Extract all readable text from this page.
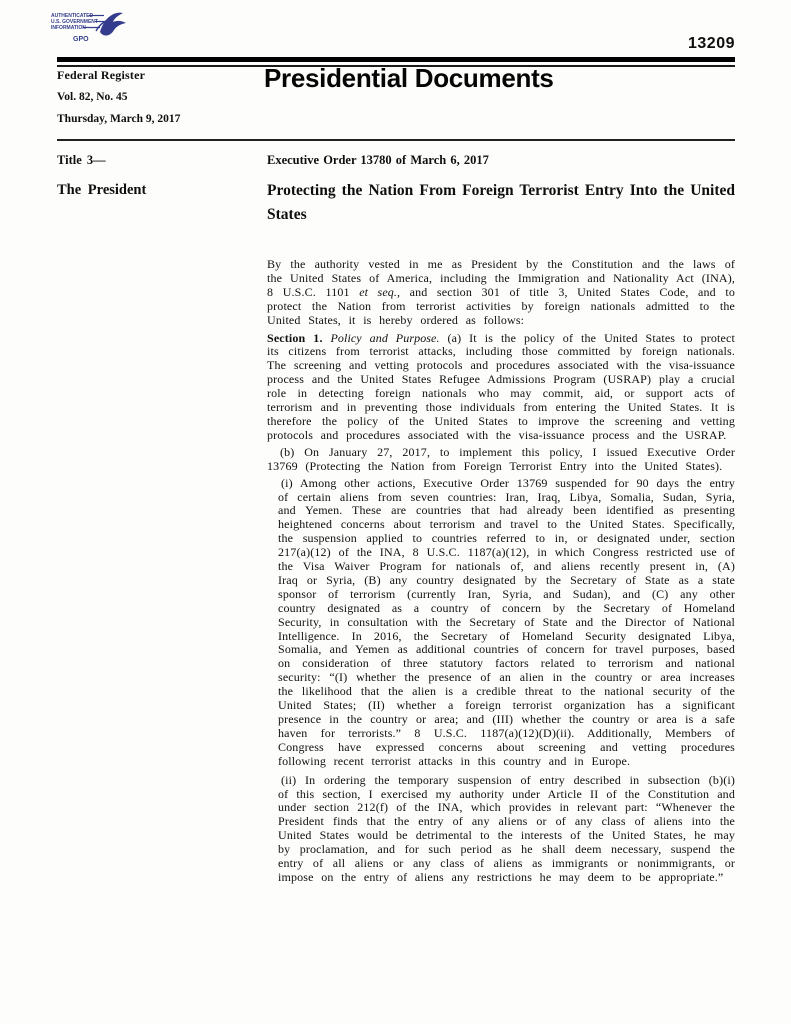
AUTHENTICATED
U.S. GOVERNMENT
INFORMATION
GPO	13209
Federal Register
Vol. 82, No. 45
Thursday, March 9, 2017
Presidential Documents
Title 3—
The President
Executive Order 13780 of March 6, 2017
Protecting the Nation From Foreign Terrorist Entry Into the United States

By the authority vested in me as President by the Constitution and the laws of the United States of America, including the Immigration and Nationality Act (INA), 8 U.S.C. 1101 et seq., and section 301 of title 3, United States Code, and to protect the Nation from terrorist activities by foreign nationals admitted to the United States, it is hereby ordered as follows:

Section 1. Policy and Purpose. (a) It is the policy of the United States to protect its citizens from terrorist attacks, including those committed by foreign nationals. The screening and vetting protocols and procedures associated with the visa-issuance process and the United States Refugee Admissions Program (USRAP) play a crucial role in detecting foreign nationals who may commit, aid, or support acts of terrorism and in preventing those individuals from entering the United States. It is therefore the policy of the United States to improve the screening and vetting protocols and procedures associated with the visa-issuance process and the USRAP.

(b) On January 27, 2017, to implement this policy, I issued Executive Order 13769 (Protecting the Nation from Foreign Terrorist Entry into the United States).

(i) Among other actions, Executive Order 13769 suspended for 90 days the entry of certain aliens from seven countries: Iran, Iraq, Libya, Somalia, Sudan, Syria, and Yemen. These are countries that had already been identified as presenting heightened concerns about terrorism and travel to the United States. Specifically, the suspension applied to countries referred to in, or designated under, section 217(a)(12) of the INA, 8 U.S.C. 1187(a)(12), in which Congress restricted use of the Visa Waiver Program for nationals of, and aliens recently present in, (A) Iraq or Syria, (B) any country designated by the Secretary of State as a state sponsor of terrorism (currently Iran, Syria, and Sudan), and (C) any other country designated as a country of concern by the Secretary of Homeland Security, in consultation with the Secretary of State and the Director of National Intelligence. In 2016, the Secretary of Homeland Security designated Libya, Somalia, and Yemen as additional countries of concern for travel purposes, based on consideration of three statutory factors related to terrorism and national security: “(I) whether the presence of an alien in the country or area increases the likelihood that the alien is a credible threat to the national security of the United States; (II) whether a foreign terrorist organization has a significant presence in the country or area; and (III) whether the country or area is a safe haven for terrorists.” 8 U.S.C. 1187(a)(12)(D)(ii). Additionally, Members of Congress have expressed concerns about screening and vetting procedures following recent terrorist attacks in this country and in Europe.

(ii) In ordering the temporary suspension of entry described in subsection (b)(i) of this section, I exercised my authority under Article II of the Constitution and under section 212(f) of the INA, which provides in relevant part: “Whenever the President finds that the entry of any aliens or of any class of aliens into the United States would be detrimental to the interests of the United States, he may by proclamation, and for such period as he shall deem necessary, suspend the entry of all aliens or any class of aliens as immigrants or nonimmigrants, or impose on the entry of aliens any restrictions he may deem to be appropriate.”
